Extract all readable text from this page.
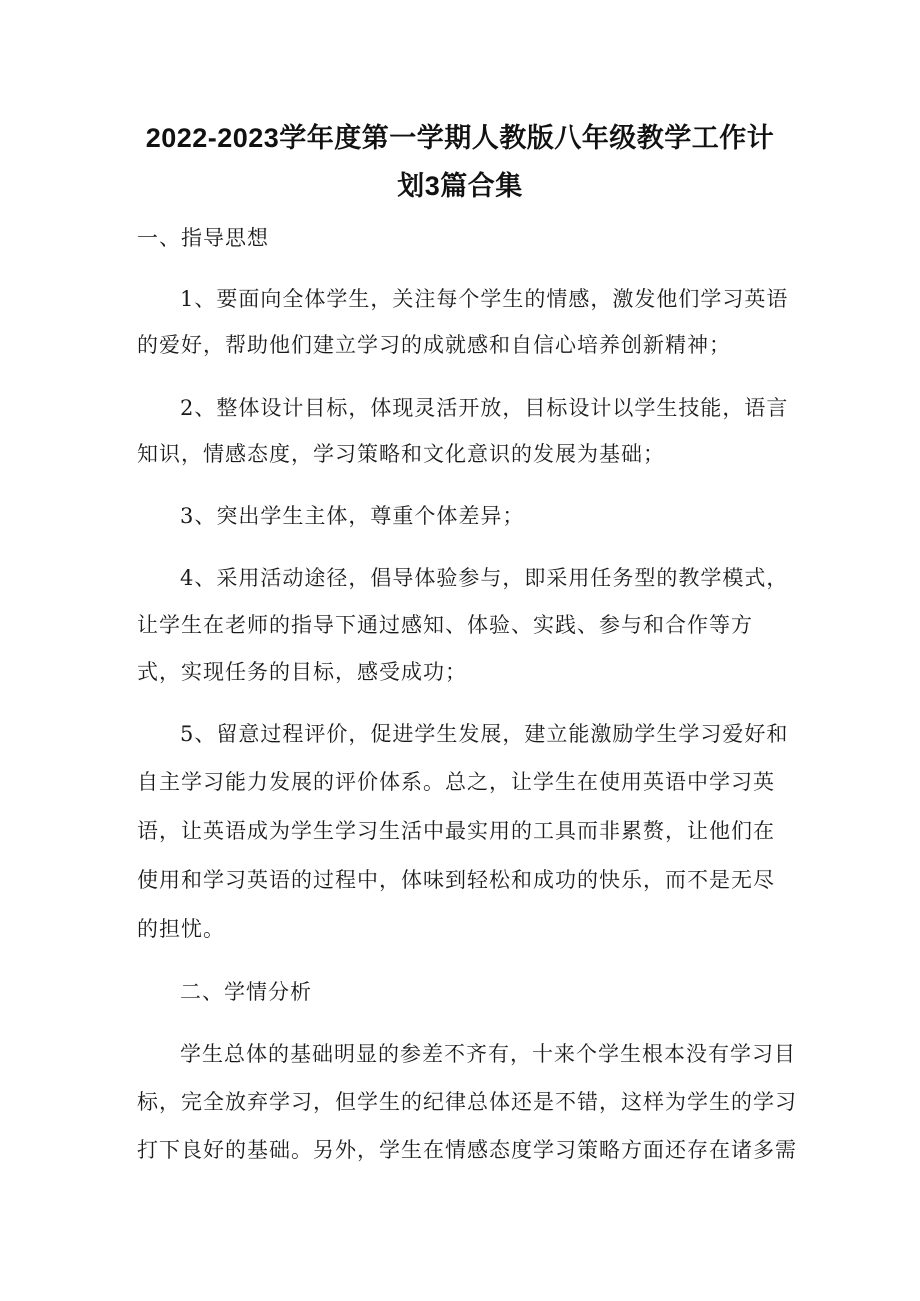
2022-2023学年度第一学期人教版八年级教学工作计
划3篇合集
一、指导思想
1、要面向全体学生，关注每个学生的情感，激发他们学习英语
的爱好，帮助他们建立学习的成就感和自信心培养创新精神；
2、整体设计目标，体现灵活开放，目标设计以学生技能，语言
知识，情感态度，学习策略和文化意识的发展为基础；
3、突出学生主体，尊重个体差异；
4、采用活动途径，倡导体验参与，即采用任务型的教学模式，
让学生在老师的指导下通过感知、体验、实践、参与和合作等方
式，实现任务的目标，感受成功；
5、留意过程评价，促进学生发展，建立能激励学生学习爱好和
自主学习能力发展的评价体系。总之，让学生在使用英语中学习英
语，让英语成为学生学习生活中最实用的工具而非累赘，让他们在
使用和学习英语的过程中，体味到轻松和成功的快乐，而不是无尽
的担忧。
二、学情分析
学生总体的基础明显的参差不齐有，十来个学生根本没有学习目
标，完全放弃学习，但学生的纪律总体还是不错，这样为学生的学习
打下良好的基础。另外，学生在情感态度学习策略方面还存在诸多需
